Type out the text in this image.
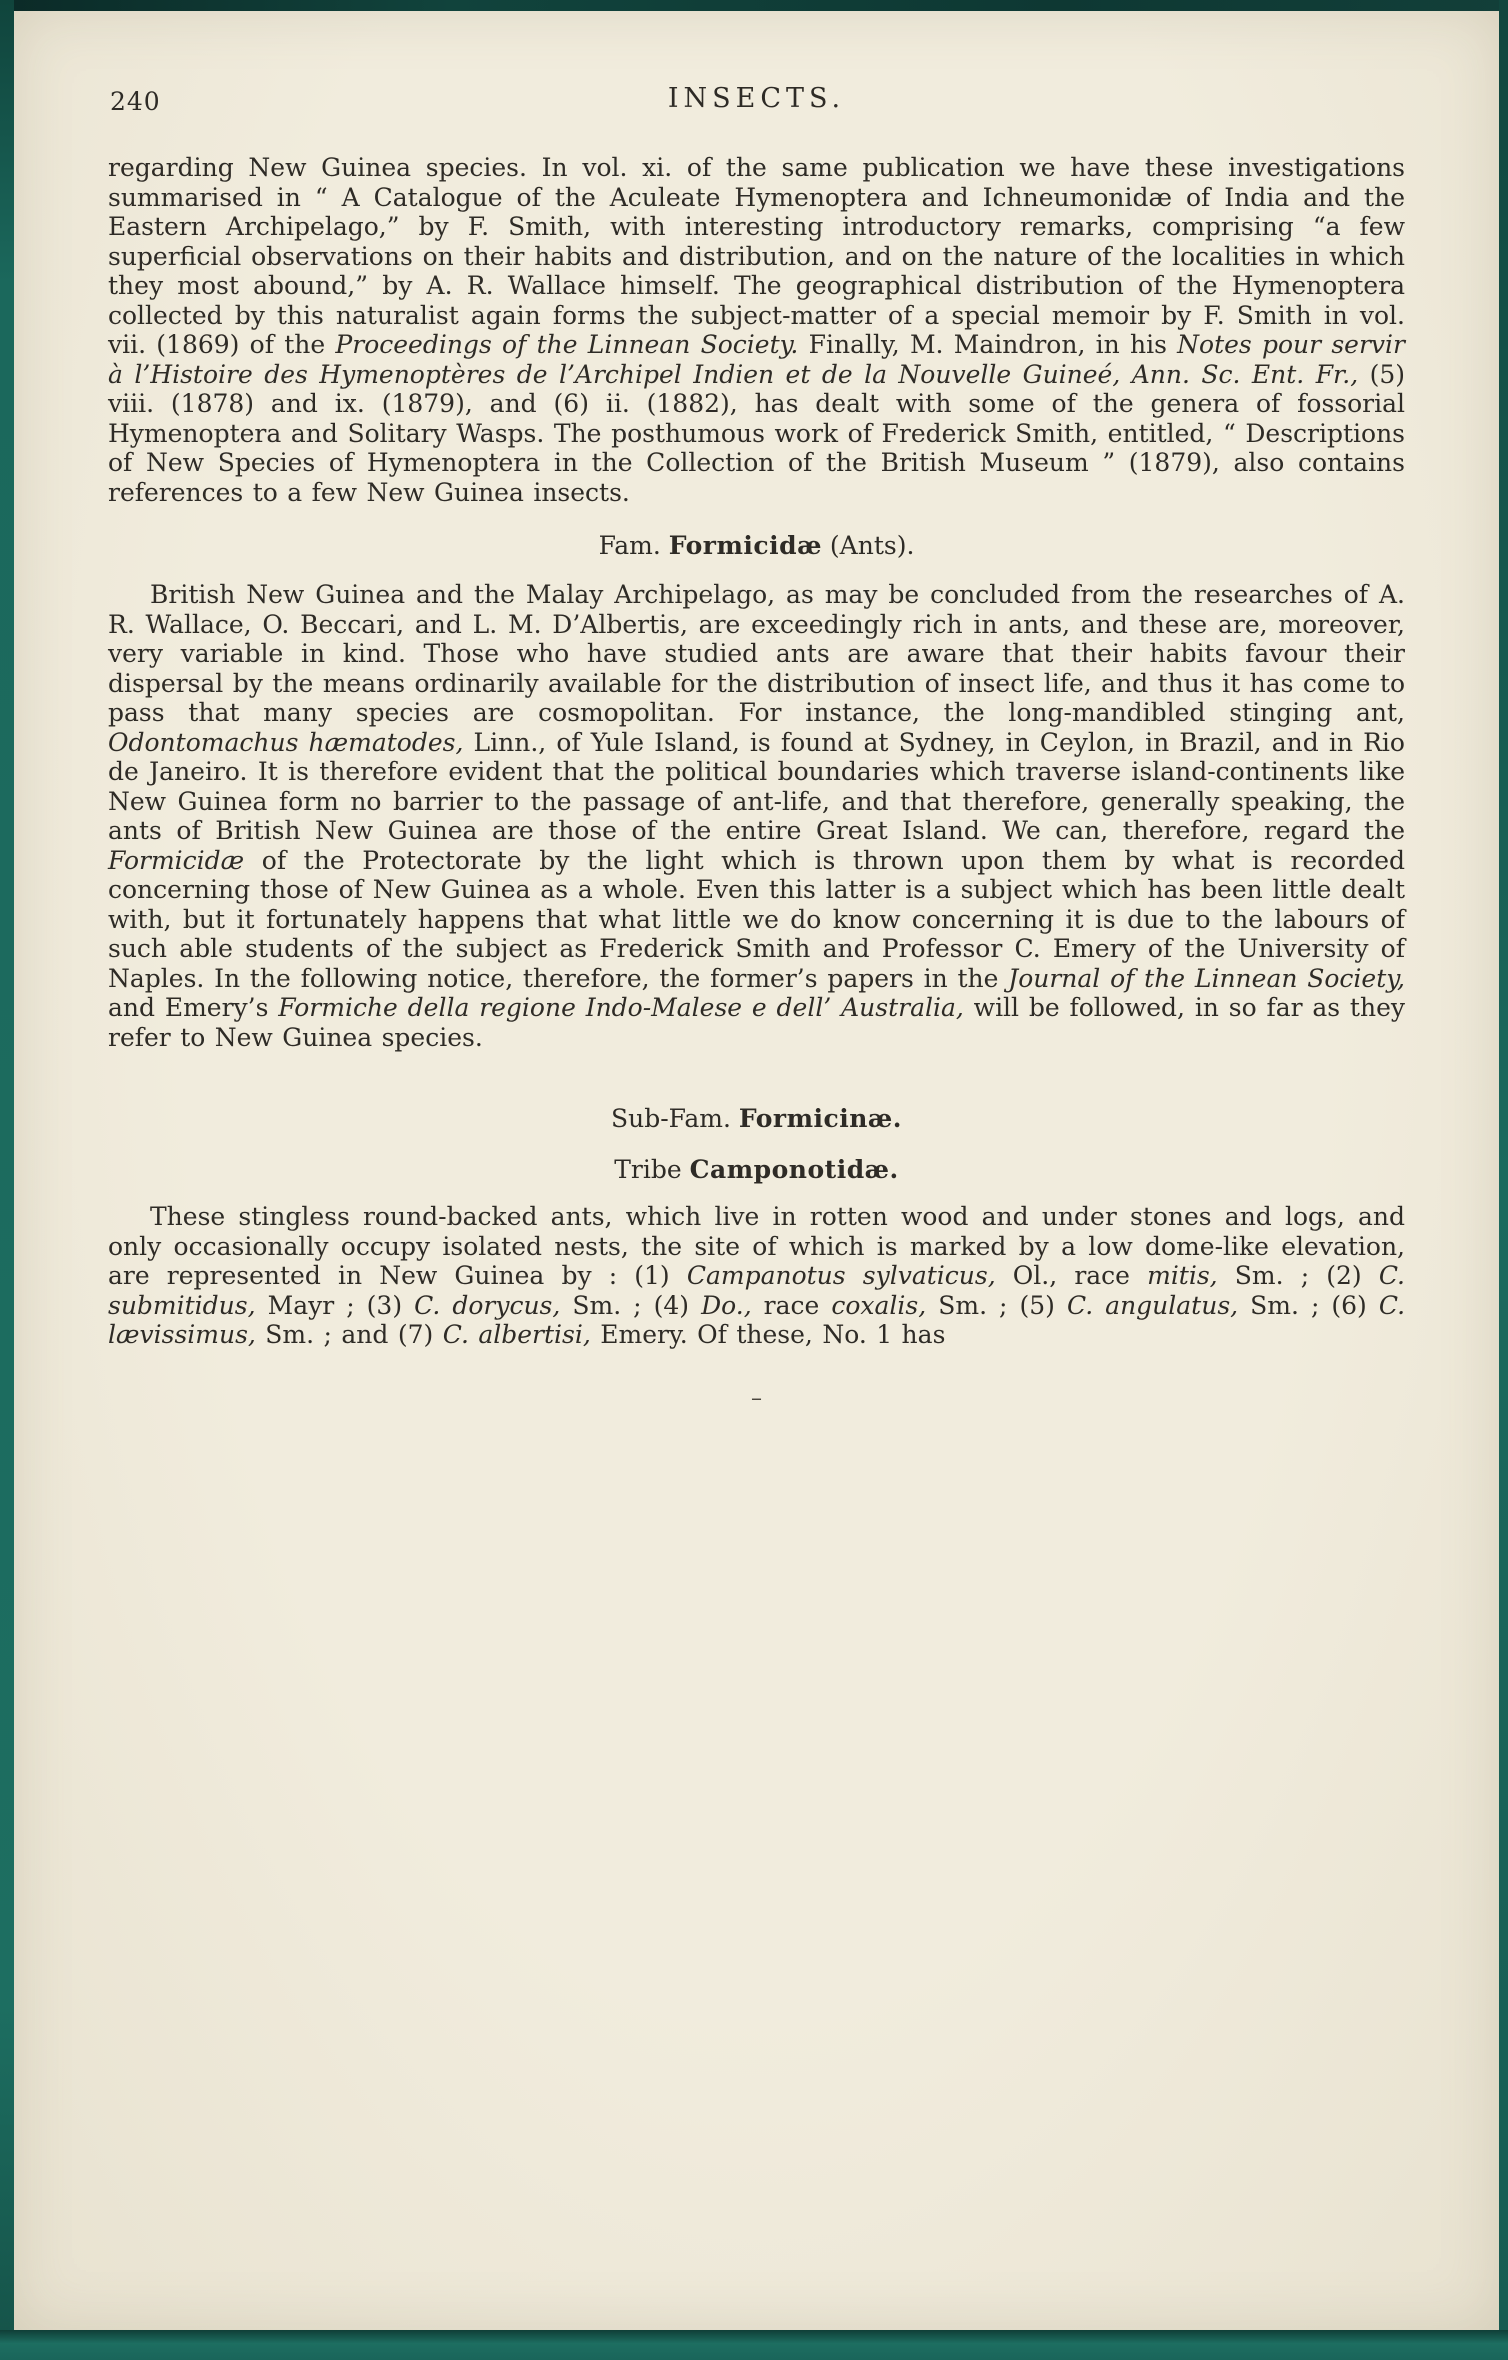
240	INSECTS.

regarding New Guinea species. In vol. xi. of the same publication we have these investigations summarised in “ A Catalogue of the Aculeate Hymenoptera and Ichneumonidæ of India and the Eastern Archipelago,” by F. Smith, with interesting introductory remarks, comprising “a few superficial observations on their habits and distribution, and on the nature of the localities in which they most abound,” by A. R. Wallace himself. The geographical distribution of the Hymenoptera collected by this naturalist again forms the subject-matter of a special memoir by F. Smith in vol. vii. (1869) of the Proceedings of the Linnean Society. Finally, M. Maindron, in his Notes pour servir à l’Histoire des Hymenoptères de l’Archipel Indien et de la Nouvelle Guineé, Ann. Sc. Ent. Fr., (5) viii. (1878) and ix. (1879), and (6) ii. (1882), has dealt with some of the genera of fossorial Hymenoptera and Solitary Wasps. The posthumous work of Frederick Smith, entitled, “ Descriptions of New Species of Hymenoptera in the Collection of the British Museum ” (1879), also contains references to a few New Guinea insects.

Fam. Formicidæ (Ants).

British New Guinea and the Malay Archipelago, as may be concluded from the researches of A. R. Wallace, O. Beccari, and L. M. D’Albertis, are exceedingly rich in ants, and these are, moreover, very variable in kind. Those who have studied ants are aware that their habits favour their dispersal by the means ordinarily available for the distribution of insect life, and thus it has come to pass that many species are cosmopolitan. For instance, the long-mandibled stinging ant, Odontomachus hæmatodes, Linn., of Yule Island, is found at Sydney, in Ceylon, in Brazil, and in Rio de Janeiro. It is therefore evident that the political boundaries which traverse island-continents like New Guinea form no barrier to the passage of ant-life, and that therefore, generally speaking, the ants of British New Guinea are those of the entire Great Island. We can, therefore, regard the Formicidæ of the Protectorate by the light which is thrown upon them by what is recorded concerning those of New Guinea as a whole. Even this latter is a subject which has been little dealt with, but it fortunately happens that what little we do know concerning it is due to the labours of such able students of the subject as Frederick Smith and Professor C. Emery of the University of Naples. In the following notice, therefore, the former’s papers in the Journal of the Linnean Society, and Emery’s Formiche della regione Indo-Malese e dell’ Australia, will be followed, in so far as they refer to New Guinea species.

Sub-Fam. Formicinæ.
Tribe Camponotidæ.

These stingless round-backed ants, which live in rotten wood and under stones and logs, and only occasionally occupy isolated nests, the site of which is marked by a low dome-like elevation, are represented in New Guinea by : (1) Campanotus sylvaticus, Ol., race mitis, Sm. ; (2) C. submitidus, Mayr ; (3) C. dorycus, Sm. ; (4) Do., race coxalis, Sm. ; (5) C. angulatus, Sm. ; (6) C. lævissimus, Sm. ; and (7) C. albertisi, Emery. Of these, No. 1 has

–
